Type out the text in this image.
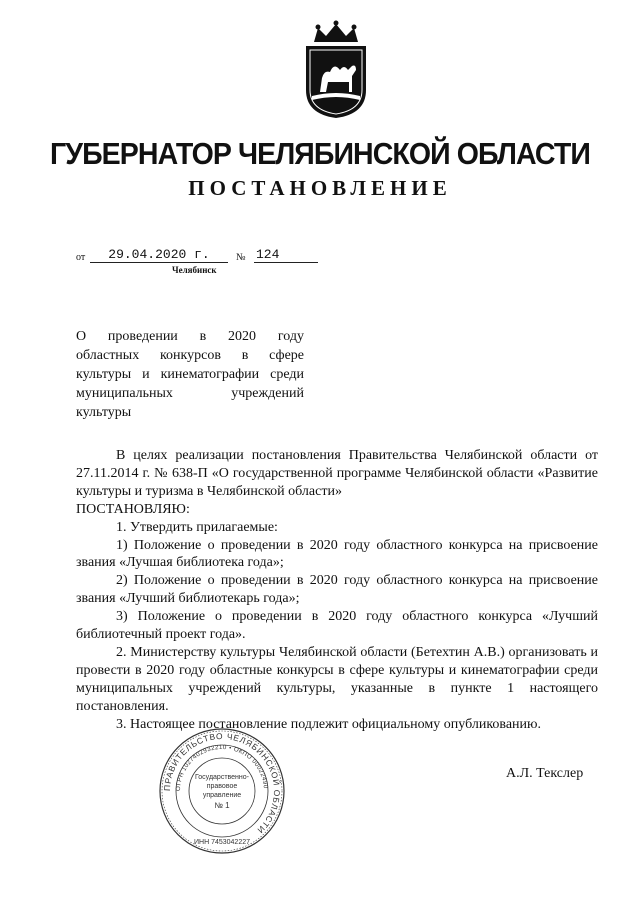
ГУБЕРНАТОР ЧЕЛЯБИНСКОЙ ОБЛАСТИ
ПОСТАНОВЛЕНИЕ
от	29.04.2020 г.	№ 124
Челябинск
О проведении в 2020 году
областных конкурсов в сфере
культуры и кинематографии среди
муниципальных учреждений
культуры

В целях реализации постановления Правительства Челябинской области от 27.11.2014 г. № 638-П «О государственной программе Челябинской области «Развитие культуры и туризма в Челябинской области»

ПОСТАНОВЛЯЮ:

1. Утвердить прилагаемые:

1) Положение о проведении в 2020 году областного конкурса на присвоение звания «Лучшая библиотека года»;

2) Положение о проведении в 2020 году областного конкурса на присвоение звания «Лучший библиотекарь года»;

3) Положение о проведении в 2020 году областного конкурса «Лучший библиотечный проект года».

2. Министерству культуры Челябинской области (Бетехтин А.В.) организовать и провести в 2020 году областные конкурсы в сфере культуры и кинематографии среди муниципальных учреждений культуры, указанные в пункте 1 настоящего постановления.

3. Настоящее постановление подлежит официальному опубликованию.

ПРАВИТЕЛЬСТВО ЧЕЛЯБИНСКОЙ ОБЛАСТИ
ОГРН 1027402932210 • ОКПО 00022490
ИНН 7453042227
Государственно-
правовое
управление
№ 1
А.Л. Текслер
